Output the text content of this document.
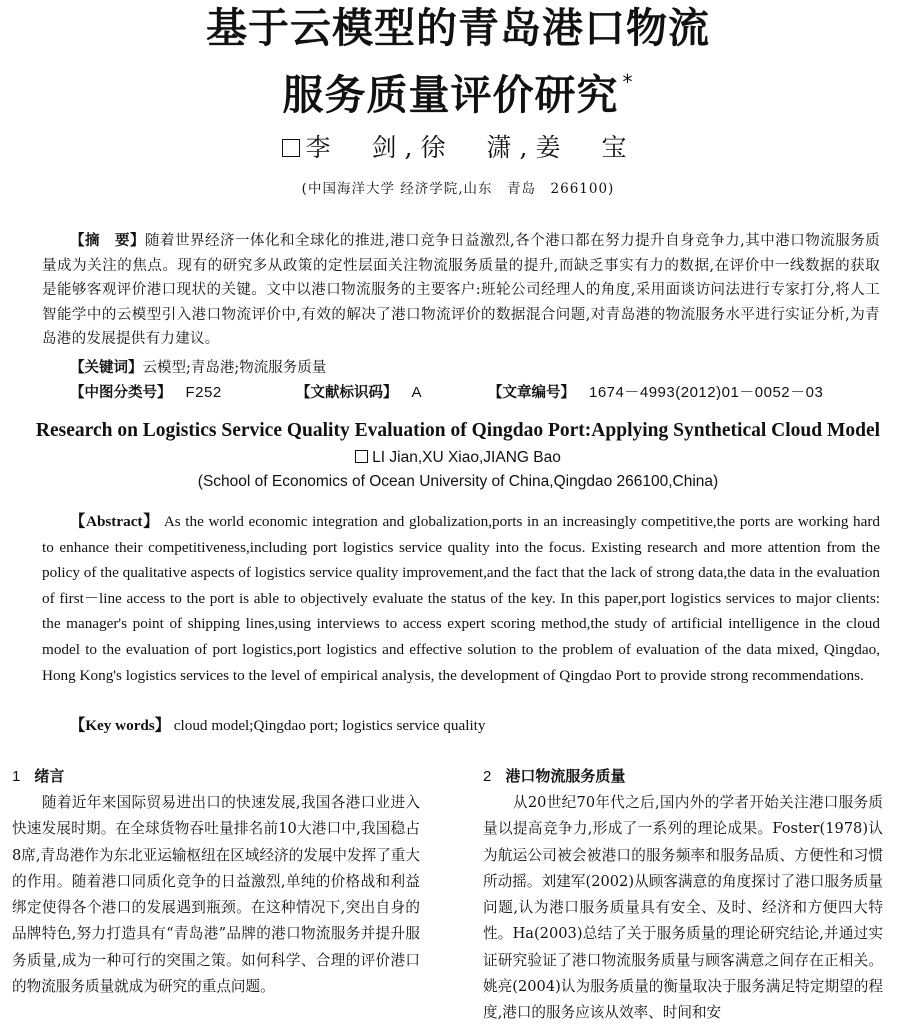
基于云模型的青岛港口物流
服务质量评价研究 *
李　剑,徐　潇,姜　宝
(中国海洋大学 经济学院,山东　青岛　266100)
【摘　要】随着世界经济一体化和全球化的推进,港口竞争日益激烈,各个港口都在努力提升自身竞争力,其中港口物流服务质量成为关注的焦点。现有的研究多从政策的定性层面关注物流服务质量的提升,而缺乏事实有力的数据,在评价中一线数据的获取是能够客观评价港口现状的关键。文中以港口物流服务的主要客户:班轮公司经理人的角度,采用面谈访问法进行专家打分,将人工智能学中的云模型引入港口物流评价中,有效的解决了港口物流评价的数据混合问题,对青岛港的物流服务水平进行实证分析,为青岛港的发展提供有力建议。
【关键词】云模型;青岛港;物流服务质量
【中图分类号】 F252	【文献标识码】 A	【文章编号】 1674－4993(2012)01－0052－03
Research on Logistics Service Quality Evaluation of Qingdao Port:Applying Synthetical Cloud Model
LI Jian,XU Xiao,JIANG Bao
(School of Economics of Ocean University of China,Qingdao 266100,China)
【Abstract】 As the world economic integration and globalization,ports in an increasingly competitive,the ports are working hard to enhance their competitiveness,including port logistics service quality into the focus. Existing research and more attention from the policy of the qualitative aspects of logistics service quality improvement,and the fact that the lack of strong data,the data in the evaluation of first－line access to the port is able to objectively evaluate the status of the key. In this paper,port logistics services to major clients: the manager's point of shipping lines,using interviews to access expert scoring method,the study of artificial intelligence in the cloud model to the evaluation of port logistics,port logistics and effective solution to the problem of evaluation of the data mixed, Qingdao, Hong Kong's logistics services to the level of empirical analysis, the development of Qingdao Port to provide strong recommendations.
【Key words】 cloud model;Qingdao port; logistics service quality
1 绪言
随着近年来国际贸易进出口的快速发展,我国各港口业进入快速发展时期。在全球货物吞吐量排名前10大港口中,我国稳占8席,青岛港作为东北亚运输枢纽在区域经济的发展中发挥了重大的作用。随着港口同质化竞争的日益激烈,单纯的价格战和利益绑定使得各个港口的发展遇到瓶颈。在这种情况下,突出自身的品牌特色,努力打造具有“青岛港”品牌的港口物流服务并提升服务质量,成为一种可行的突围之策。如何科学、合理的评价港口的物流服务质量就成为研究的重点问题。
2 港口物流服务质量
从20世纪70年代之后,国内外的学者开始关注港口服务质量以提高竞争力,形成了一系列的理论成果。Foster(1978)认为航运公司被会被港口的服务频率和服务品质、方便性和习惯所动摇。刘建军(2002)从顾客满意的角度探讨了港口服务质量问题,认为港口服务质量具有安全、及时、经济和方便四大特性。Ha(2003)总结了关于服务质量的理论研究结论,并通过实证研究验证了港口物流服务质量与顾客满意之间存在正相关。姚亮(2004)认为服务质量的衡量取决于服务满足特定期望的程度,港口的服务应该从效率、时间和安
